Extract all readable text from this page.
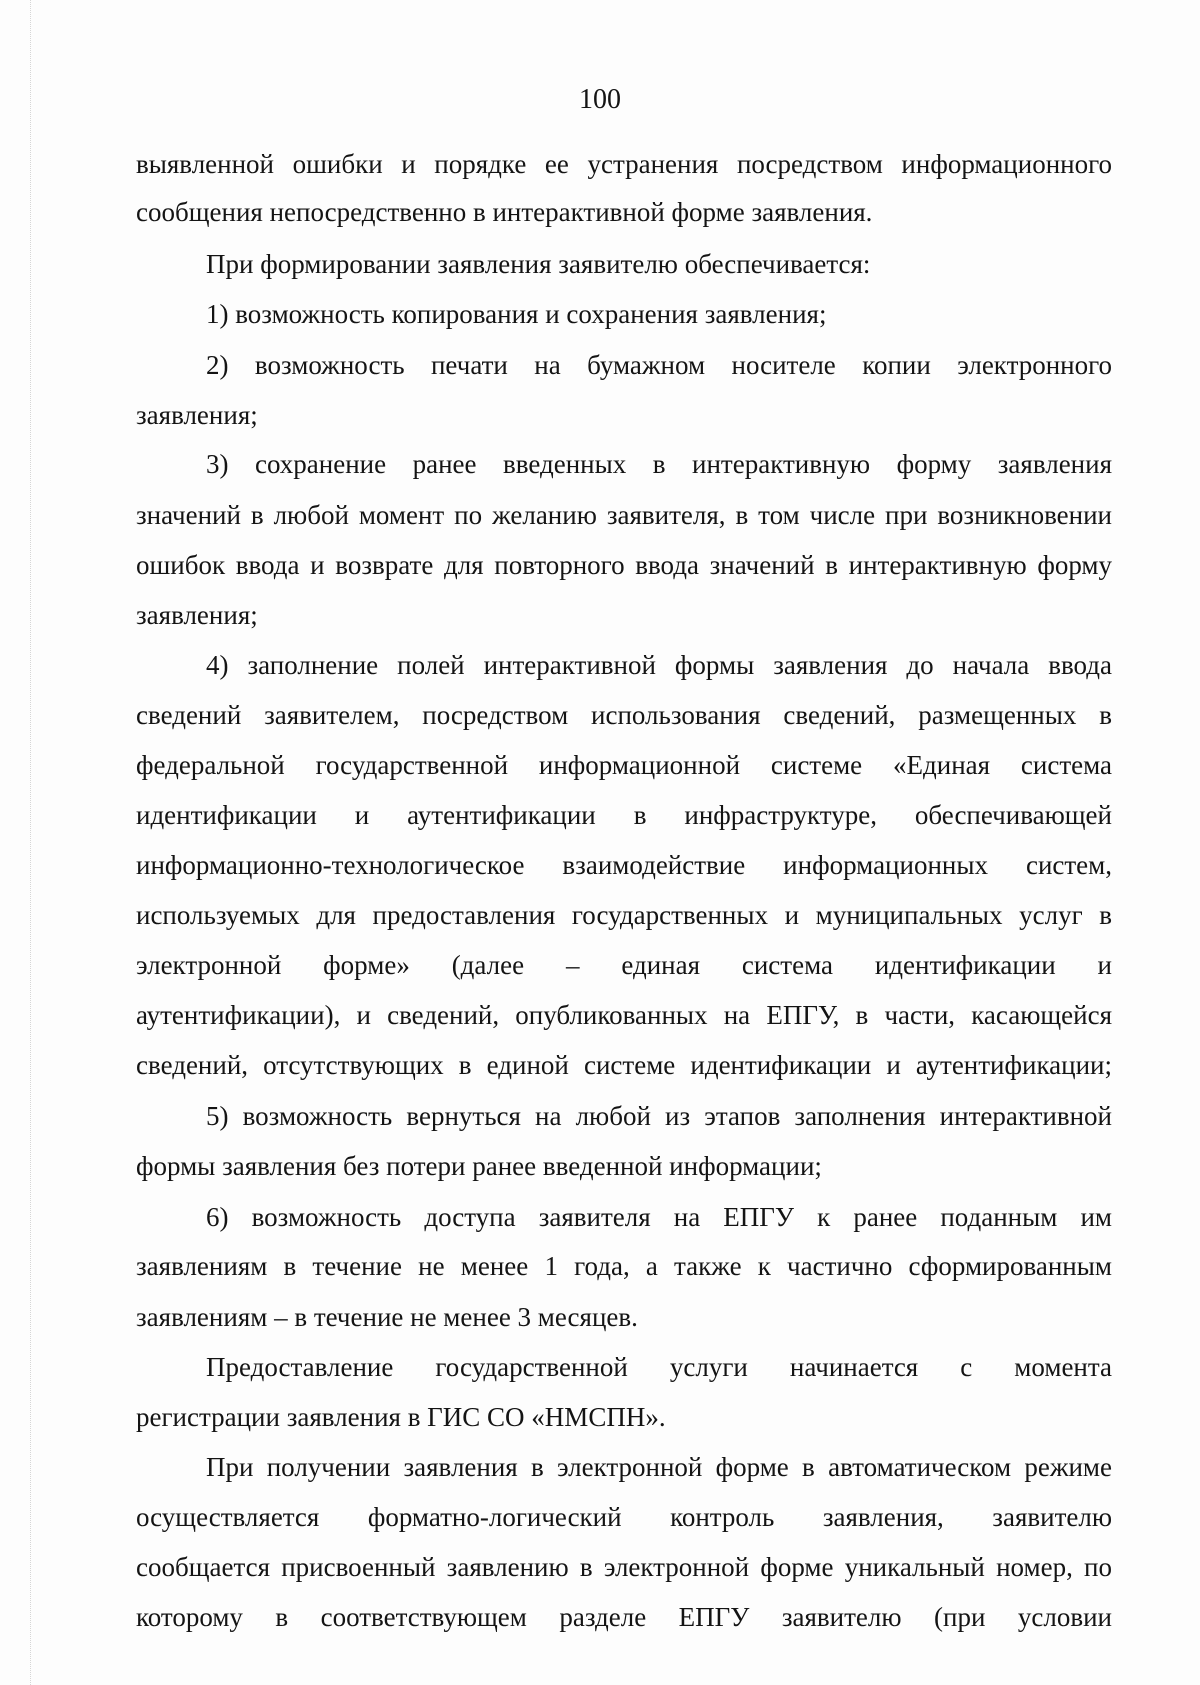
100
выявленной ошибки и порядке ее устранения посредством информационного
сообщения непосредственно в интерактивной форме заявления.
При формировании заявления заявителю обеспечивается:
1) возможность копирования и сохранения заявления;
2) возможность печати на бумажном носителе копии электронного
заявления;
3) сохранение ранее введенных в интерактивную форму заявления
значений в любой момент по желанию заявителя, в том числе при возникновении
ошибок ввода и возврате для повторного ввода значений в интерактивную форму
заявления;
4) заполнение полей интерактивной формы заявления до начала ввода
сведений заявителем, посредством использования сведений, размещенных в
федеральной государственной информационной системе «Единая система
идентификации и аутентификации в инфраструктуре, обеспечивающей
информационно-технологическое взаимодействие информационных систем,
используемых для предоставления государственных и муниципальных услуг в
электронной форме» (далее – единая система идентификации и
аутентификации), и сведений, опубликованных на ЕПГУ, в части, касающейся
сведений, отсутствующих в единой системе идентификации и аутентификации;
5) возможность вернуться на любой из этапов заполнения интерактивной
формы заявления без потери ранее введенной информации;
6) возможность доступа заявителя на ЕПГУ к ранее поданным им
заявлениям в течение не менее 1 года, а также к частично сформированным
заявлениям – в течение не менее 3 месяцев.
Предоставление государственной услуги начинается с момента
регистрации заявления в ГИС СО «НМСПН».
При получении заявления в электронной форме в автоматическом режиме
осуществляется форматно-логический контроль заявления, заявителю
сообщается присвоенный заявлению в электронной форме уникальный номер, по
которому в соответствующем разделе ЕПГУ заявителю (при условии
